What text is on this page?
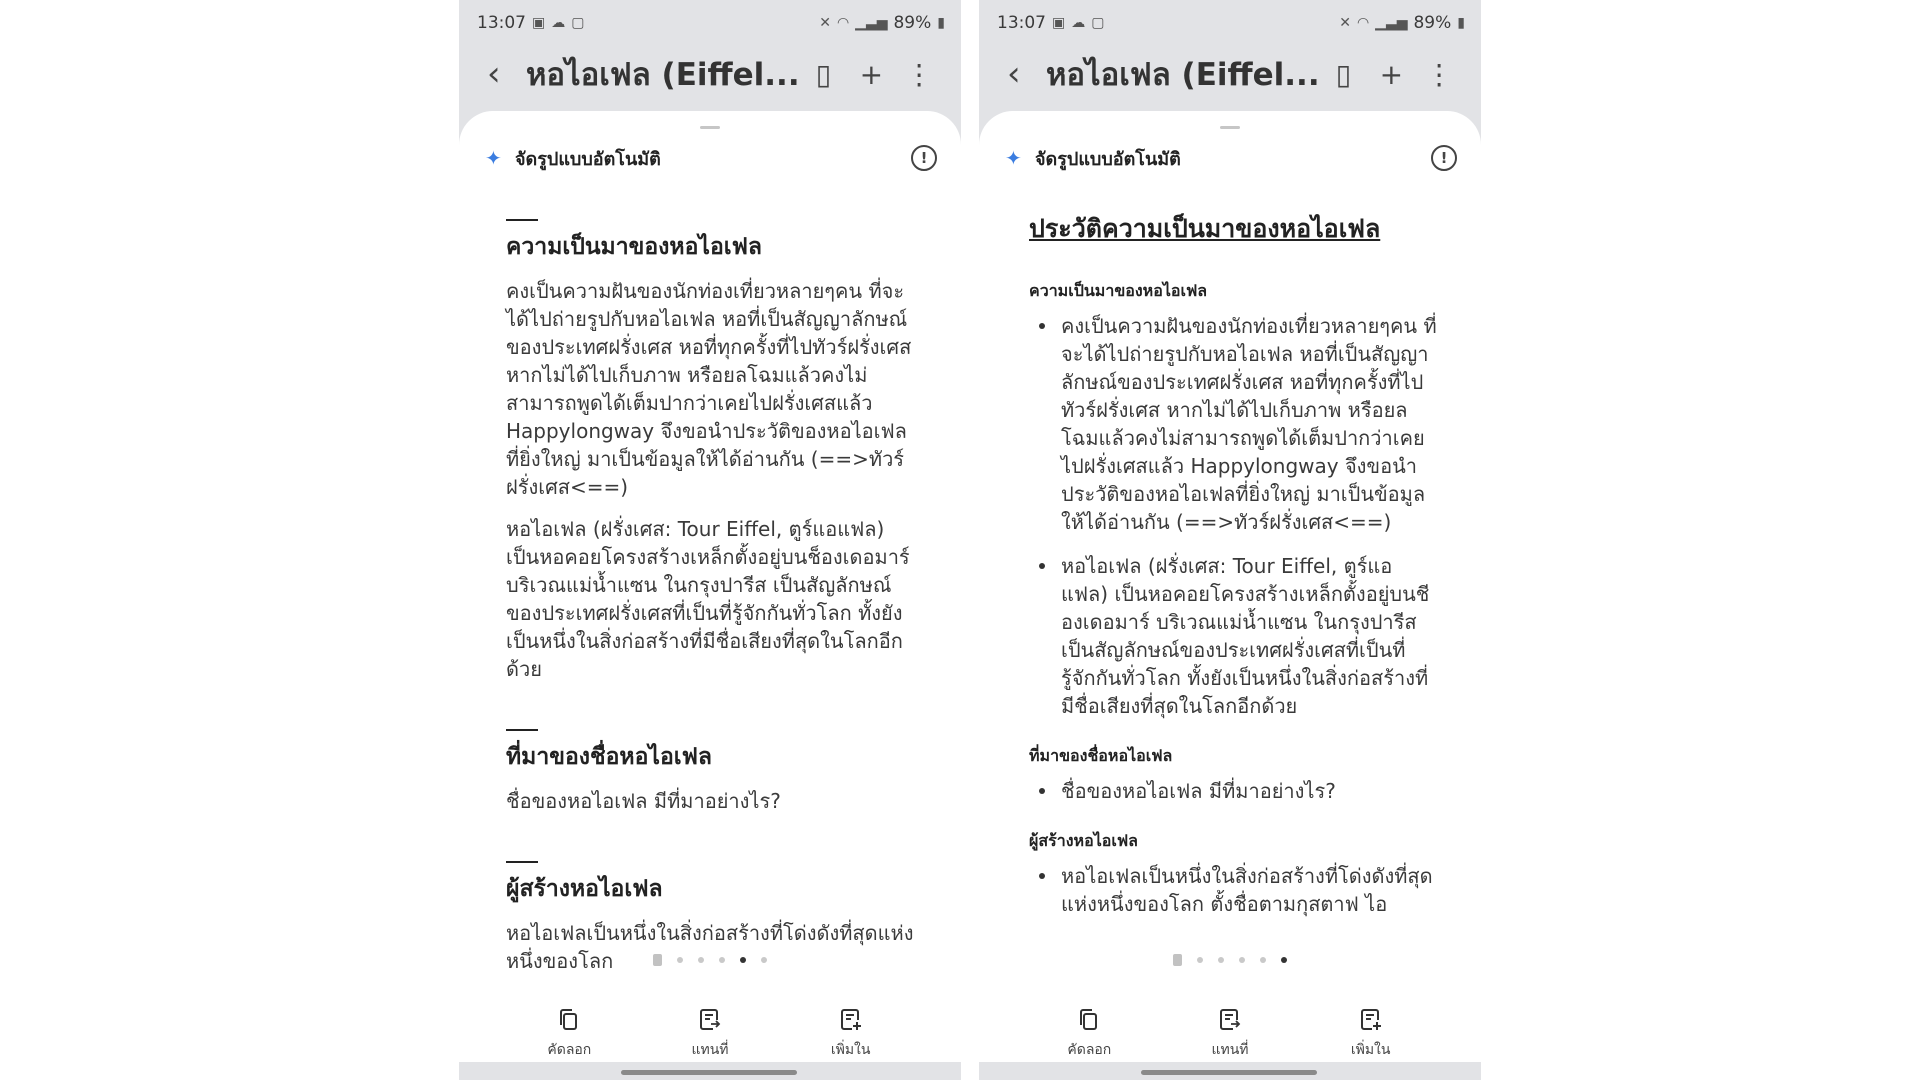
13:07 ▣ ☁ ▢	✕ ◠ ▁▃▅ 89% ▮
‹ หอไอเฟล (Eiffel... ▯	+ ⋮
✦ จัดรูปแบบอัตโนมัติ	!
ความเป็นมาของหอไอเฟล

คงเป็นความฝันของนักท่องเที่ยวหลายๆคน ที่จะได้ไปถ่ายรูปกับหอไอเฟล หอที่เป็นสัญญาลักษณ์ของประเทศฝรั่งเศส หอที่ทุกครั้งที่ไปทัวร์ฝรั่งเศส หากไม่ได้ไปเก็บภาพ หรือยลโฉมแล้วคงไม่สามารถพูดได้เต็มปากว่าเคยไปฝรั่งเศสแล้ว Happylongway จึงขอนำประวัติของหอไอเฟลที่ยิ่งใหญ่ มาเป็นข้อมูลให้ได้อ่านกัน (==>ทัวร์ฝรั่งเศส<==)

หอไอเฟล (ฝรั่งเศส: Tour Eiffel, ตูร์แอแฟล) เป็นหอคอยโครงสร้างเหล็กตั้งอยู่บนช็องเดอมาร์ บริเวณแม่น้ำแซน ในกรุงปารีส เป็นสัญลักษณ์ของประเทศฝรั่งเศสที่เป็นที่รู้จักกันทั่วโลก ทั้งยังเป็นหนึ่งในสิ่งก่อสร้างที่มีชื่อเสียงที่สุดในโลกอีกด้วย

ที่มาของชื่อหอไอเฟล

ชื่อของหอไอเฟล มีที่มาอย่างไร?

ผู้สร้างหอไอเฟล

หอไอเฟลเป็นหนึ่งในสิ่งก่อสร้างที่โด่งดังที่สุดแห่งหนึ่งของโลก

คัดลอก	แทนที่	เพิ่มใน
13:07 ▣ ☁ ▢	✕ ◠ ▁▃▅ 89% ▮
‹ หอไอเฟล (Eiffel... ▯	+ ⋮
✦ จัดรูปแบบอัตโนมัติ	!
ประวัติความเป็นมาของหอไอเฟล
ความเป็นมาของหอไอเฟล
คงเป็นความฝันของนักท่องเที่ยวหลายๆคน ที่จะได้ไปถ่ายรูปกับหอไอเฟล หอที่เป็นสัญญาลักษณ์ของประเทศฝรั่งเศส หอที่ทุกครั้งที่ไปทัวร์ฝรั่งเศส หากไม่ได้ไปเก็บภาพ หรือยลโฉมแล้วคงไม่สามารถพูดได้เต็มปากว่าเคยไปฝรั่งเศสแล้ว Happylongway จึงขอนำประวัติของหอไอเฟลที่ยิ่งใหญ่ มาเป็นข้อมูลให้ได้อ่านกัน (==>ทัวร์ฝรั่งเศส<==)
หอไอเฟล (ฝรั่งเศส: Tour Eiffel, ตูร์แอแฟล) เป็นหอคอยโครงสร้างเหล็กตั้งอยู่บนชีองเดอมาร์ บริเวณแม่น้ำแซน ในกรุงปารีส เป็นสัญลักษณ์ของประเทศฝรั่งเศสที่เป็นที่รู้จักกันทั่วโลก ทั้งยังเป็นหนึ่งในสิ่งก่อสร้างที่มีชื่อเสียงที่สุดในโลกอีกด้วย
ที่มาของชื่อหอไอเฟล
ชื่อของหอไอเฟล มีที่มาอย่างไร?
ผู้สร้างหอไอเฟล
หอไอเฟลเป็นหนึ่งในสิ่งก่อสร้างที่โด่งดังที่สุดแห่งหนึ่งของโลก ตั้งชื่อตามกุสตาฟ ไอ
คัดลอก	แทนที่	เพิ่มใน
